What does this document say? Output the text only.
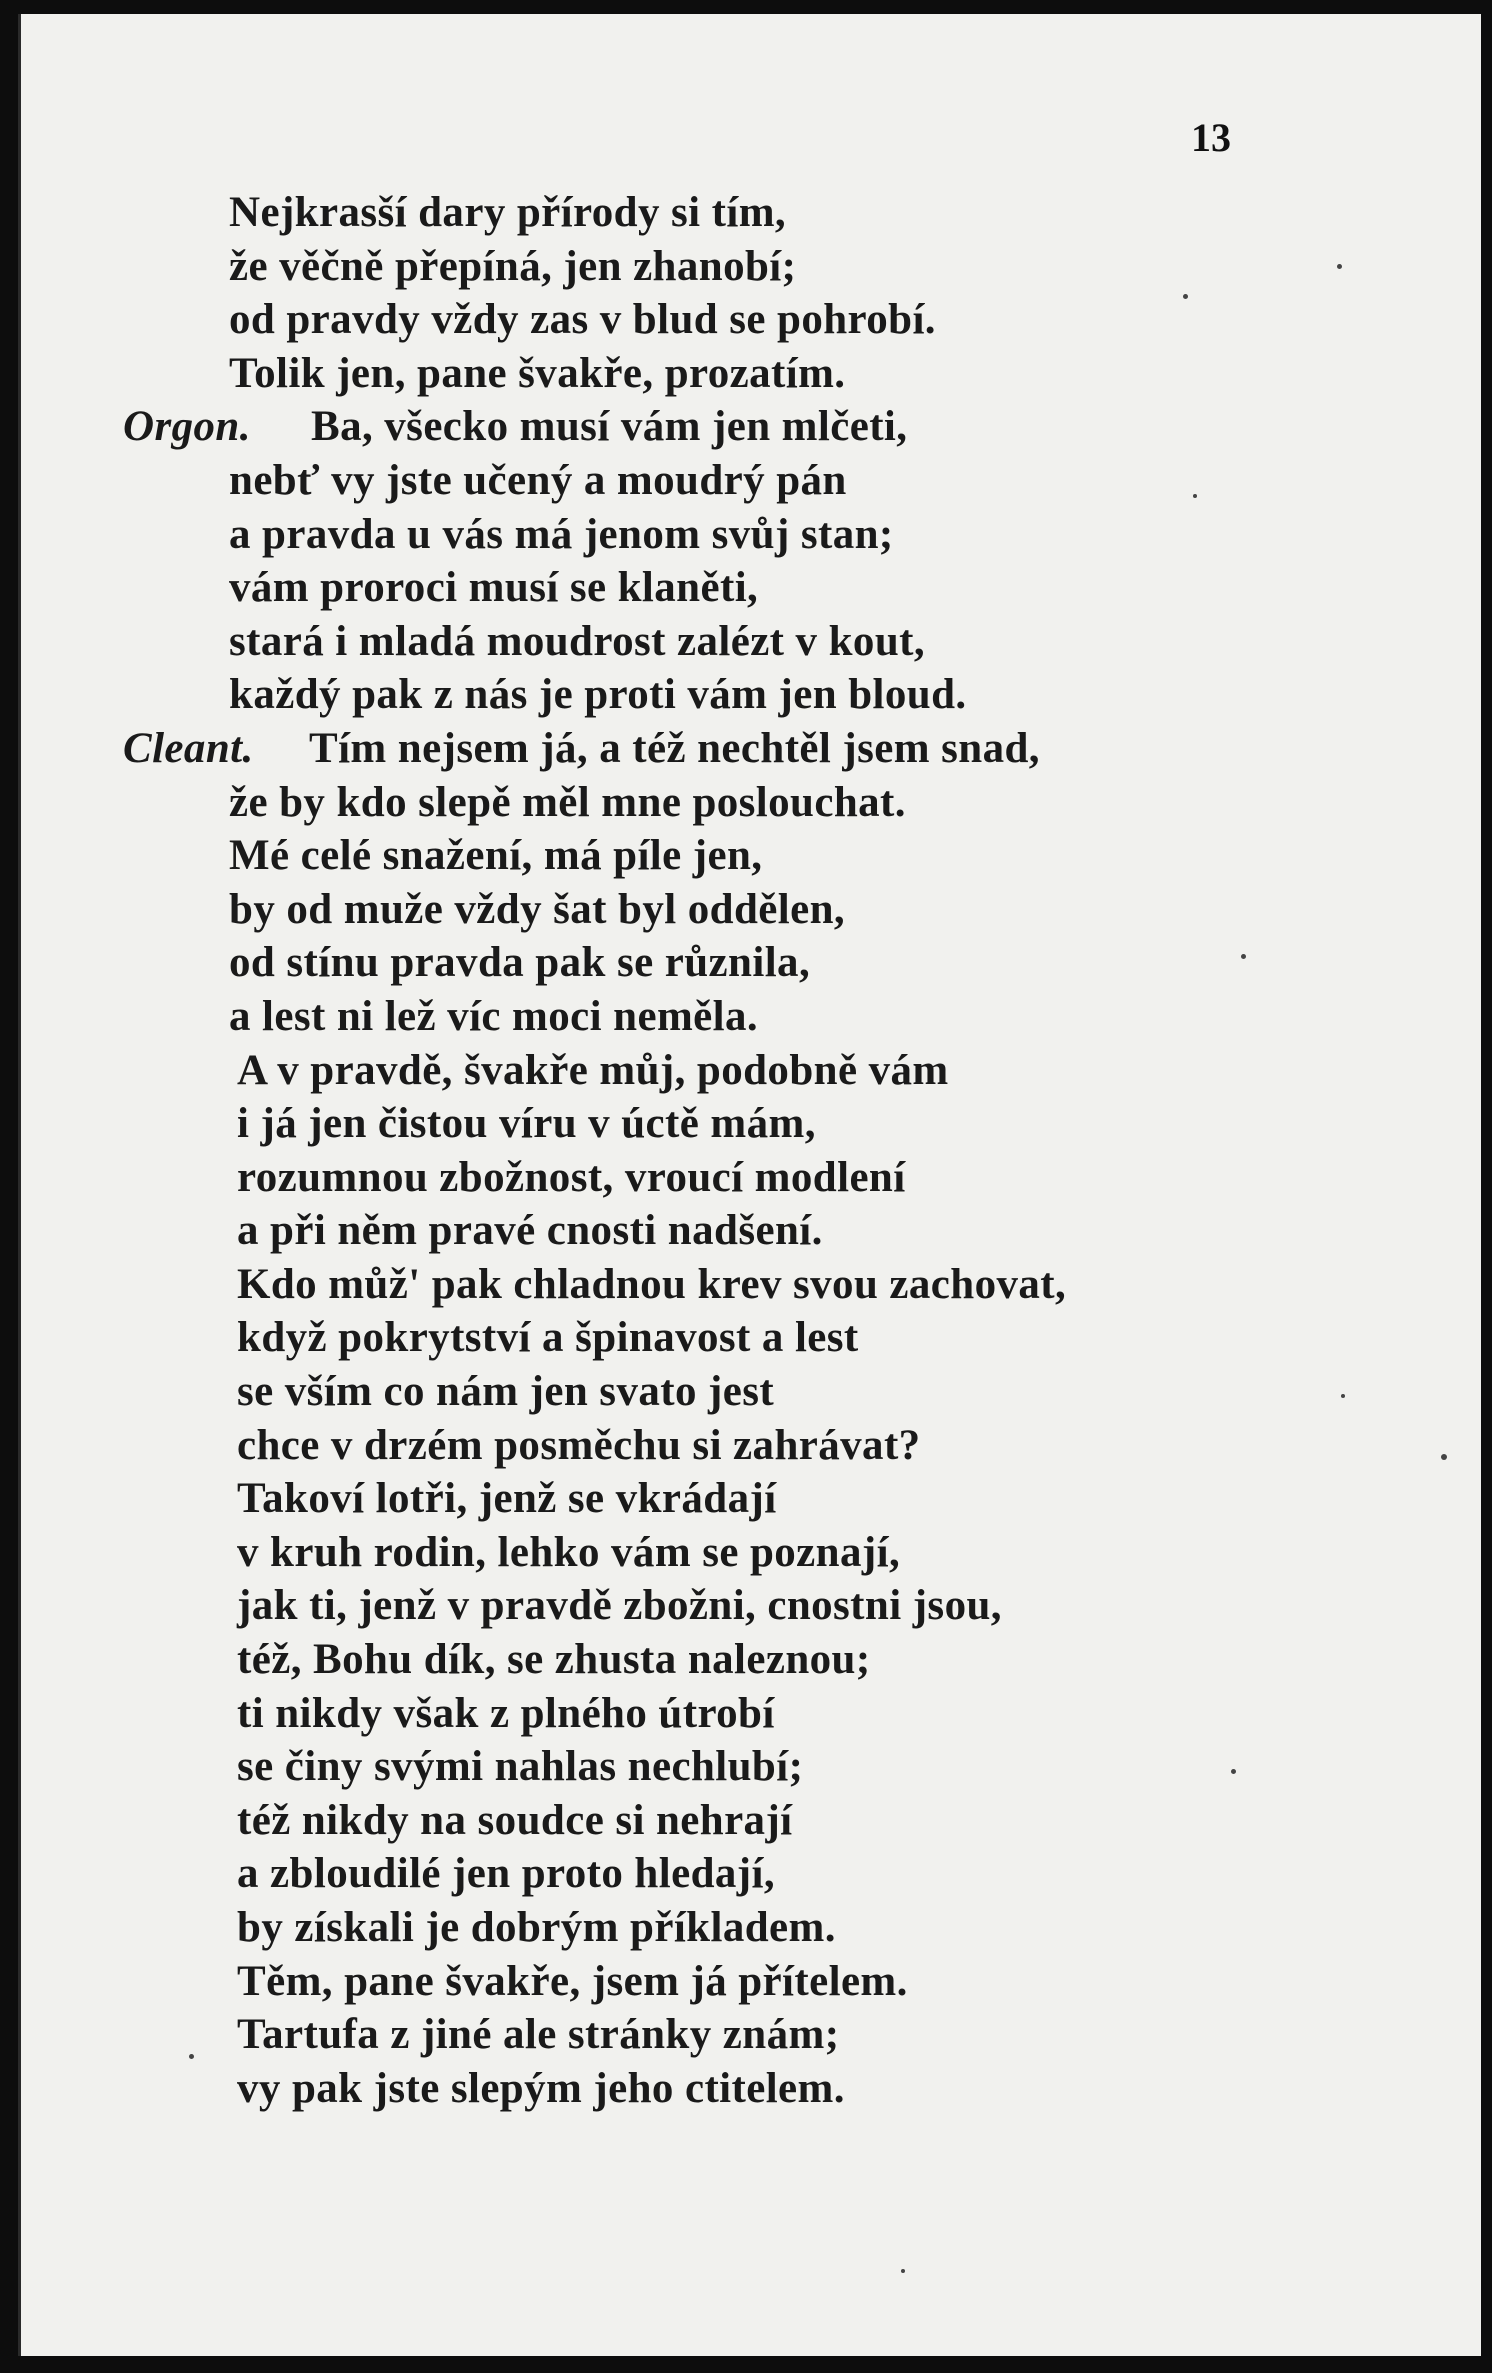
13
Nejkrasší dary přírody si tím,
že věčně přepíná, jen zhanobí;
od pravdy vždy zas v blud se pohrobí.
Tolik jen, pane švakře, prozatím.
Orgon. Ba, všecko musí vám jen mlčeti,
nebť vy jste učený a moudrý pán
a pravda u vás má jenom svůj stan;
vám proroci musí se klaněti,
stará i mladá moudrost zalézt v kout,
každý pak z nás je proti vám jen bloud.
Cleant. Tím nejsem já, a též nechtěl jsem snad,
že by kdo slepě měl mne poslouchat.
Mé celé snažení, má píle jen,
by od muže vždy šat byl oddělen,
od stínu pravda pak se různila,
a lest ni lež víc moci neměla.
A v pravdě, švakře můj, podobně vám
i já jen čistou víru v úctě mám,
rozumnou zbožnost, vroucí modlení
a při něm pravé cnosti nadšení.
Kdo můž' pak chladnou krev svou zachovat,
když pokrytství a špinavost a lest
se vším co nám jen svato jest
chce v drzém posměchu si zahrávat?
Takoví lotři, jenž se vkrádají
v kruh rodin, lehko vám se poznají,
jak ti, jenž v pravdě zbožni, cnostni jsou,
též, Bohu dík, se zhusta naleznou;
ti nikdy však z plného útrobí
se činy svými nahlas nechlubí;
též nikdy na soudce si nehrají
a zbloudilé jen proto hledají,
by získali je dobrým příkladem.
Těm, pane švakře, jsem já přítelem.
Tartufa z jiné ale stránky znám;
vy pak jste slepým jeho ctitelem.
